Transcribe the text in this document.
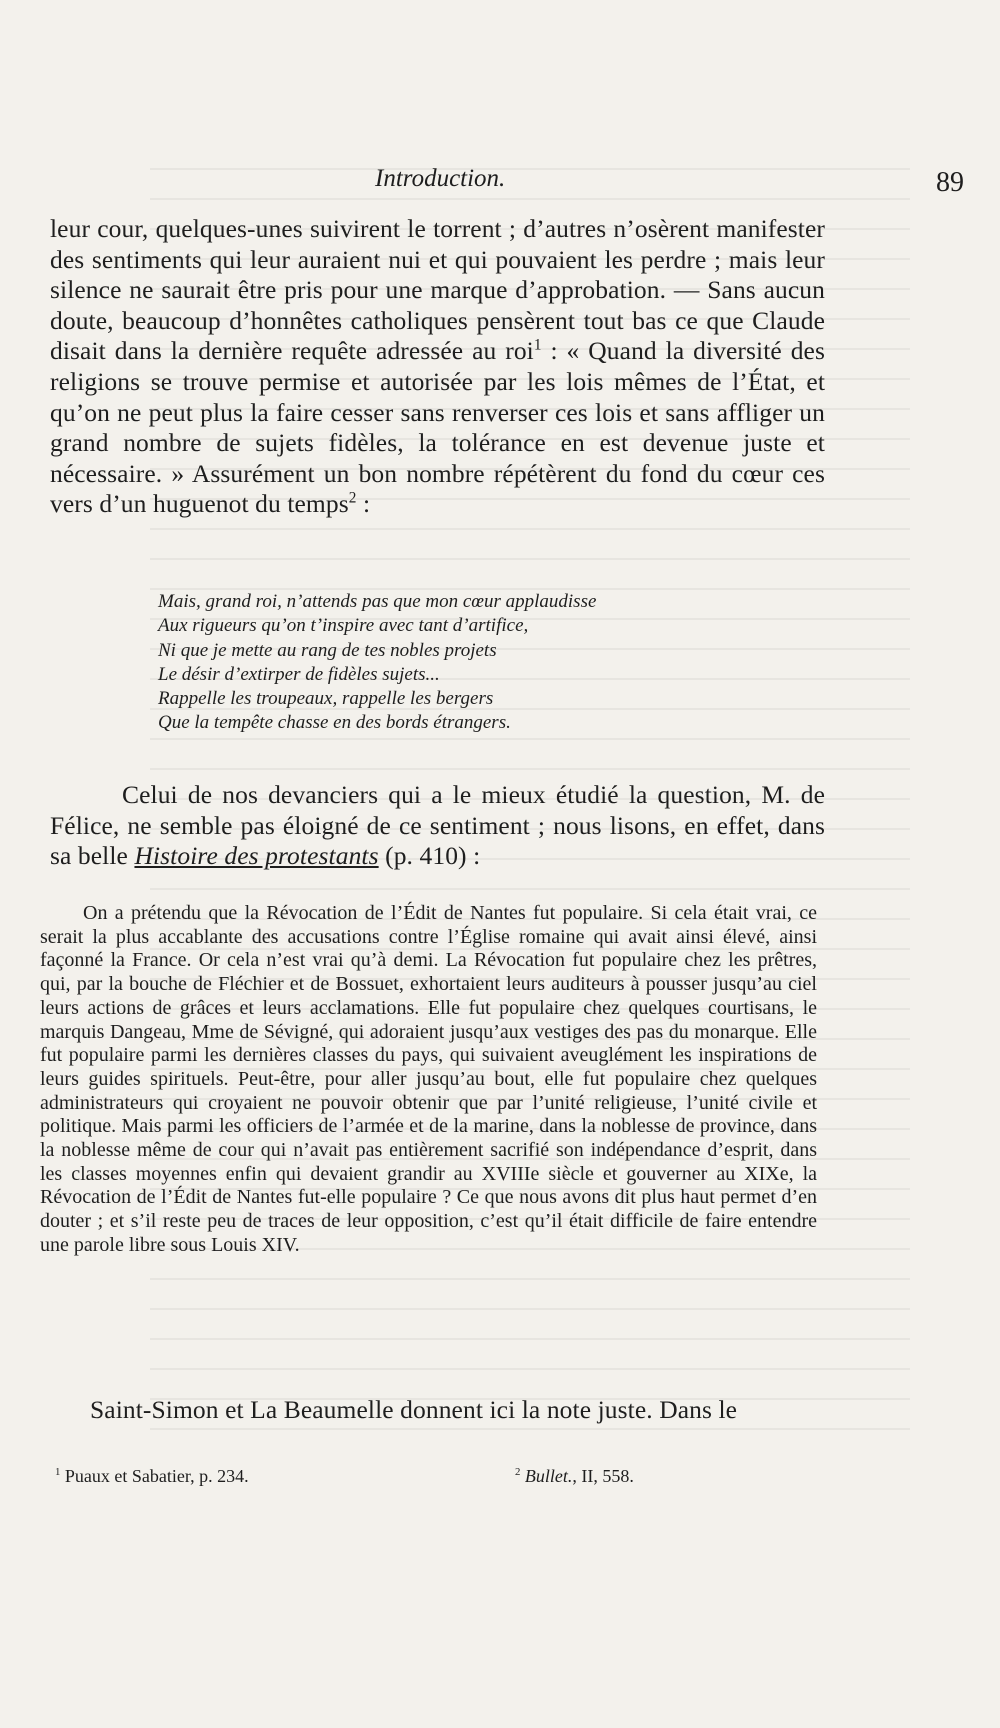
Introduction.	89
leur cour, quelques-unes suivirent le torrent ; d’autres n’osèrent manifester des sentiments qui leur auraient nui et qui pouvaient les perdre ; mais leur silence ne saurait être pris pour une marque d’approbation. — Sans aucun doute, beaucoup d’honnêtes catholiques pensèrent tout bas ce que Claude disait dans la dernière requête adressée au roi$^1$ : « Quand la diversité des religions se trouve permise et autorisée par les lois mêmes de l’État, et qu’on ne peut plus la faire cesser sans renverser ces lois et sans affliger un grand nombre de sujets fidèles, la tolérance en est devenue juste et nécessaire. » Assurément un bon nombre répétèrent du fond du cœur ces vers d’un huguenot du temps$^2$ :
Mais, grand roi, n’attends pas que mon cœur applaudisse
Aux rigueurs qu’on t’inspire avec tant d’artifice,
Ni que je mette au rang de tes nobles projets
Le désir d’extirper de fidèles sujets...
Rappelle les troupeaux, rappelle les bergers
Que la tempête chasse en des bords étrangers.
Celui de nos devanciers qui a le mieux étudié la question, M. de Félice, ne semble pas éloigné de ce sentiment ; nous lisons, en effet, dans sa belle Histoire des protestants (p. 410) :
On a prétendu que la Révocation de l’Édit de Nantes fut populaire. Si cela était vrai, ce serait la plus accablante des accusations contre l’Église romaine qui avait ainsi élevé, ainsi façonné la France. Or cela n’est vrai qu’à demi. La Révocation fut populaire chez les prêtres, qui, par la bouche de Fléchier et de Bossuet, exhortaient leurs auditeurs à pousser jusqu’au ciel leurs actions de grâces et leurs acclamations. Elle fut populaire chez quelques courtisans, le marquis Dangeau, Mme de Sévigné, qui adoraient jusqu’aux vestiges des pas du monarque. Elle fut populaire parmi les dernières classes du pays, qui suivaient aveuglément les inspirations de leurs guides spirituels. Peut-être, pour aller jusqu’au bout, elle fut populaire chez quelques administrateurs qui croyaient ne pouvoir obtenir que par l’unité religieuse, l’unité civile et politique. Mais parmi les officiers de l’armée et de la marine, dans la noblesse de province, dans la noblesse même de cour qui n’avait pas entièrement sacrifié son indépendance d’esprit, dans les classes moyennes enfin qui devaient grandir au XVIIIe siècle et gouverner au XIXe, la Révocation de l’Édit de Nantes fut-elle populaire ? Ce que nous avons dit plus haut permet d’en douter ; et s’il reste peu de traces de leur opposition, c’est qu’il était difficile de faire entendre une parole libre sous Louis XIV.
Saint-Simon et La Beaumelle donnent ici la note juste. Dans le
$^1$ Puaux et Sabatier, p. 234.	$^2$ Bullet., II, 558.
